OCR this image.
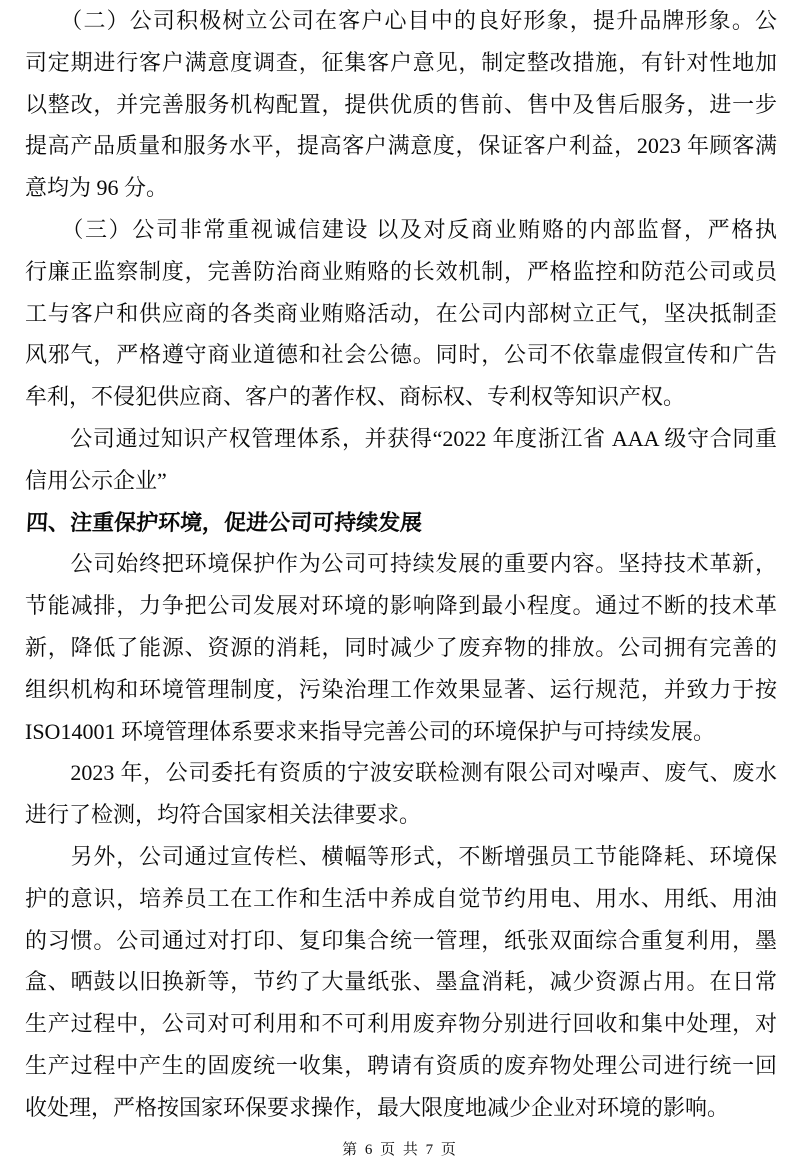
　　（二）公司积极树立公司在客户心目中的良好形象，提升品牌形象。公
司定期进行客户满意度调查，征集客户意见，制定整改措施，有针对性地加
以整改，并完善服务机构配置，提供优质的售前、售中及售后服务，进一步
提高产品质量和服务水平，提高客户满意度，保证客户利益，2023 年顾客满
意均为 96 分。
　　（三）公司非常重视诚信建设 以及对反商业贿赂的内部监督，严格执
行廉正监察制度，完善防治商业贿赂的长效机制，严格监控和防范公司或员
工与客户和供应商的各类商业贿赂活动，在公司内部树立正气，坚决抵制歪
风邪气，严格遵守商业道德和社会公德。同时，公司不依靠虚假宣传和广告
牟利，不侵犯供应商、客户的著作权、商标权、专利权等知识产权。
　　公司通过知识产权管理体系，并获得“2022 年度浙江省 AAA 级守合同重
信用公示企业”
四、注重保护环境，促进公司可持续发展
　　公司始终把环境保护作为公司可持续发展的重要内容。坚持技术革新，
节能减排，力争把公司发展对环境的影响降到最小程度。通过不断的技术革
新，降低了能源、资源的消耗，同时减少了废弃物的排放。公司拥有完善的
组织机构和环境管理制度，污染治理工作效果显著、运行规范，并致力于按
ISO14001 环境管理体系要求来指导完善公司的环境保护与可持续发展。
　　2023 年，公司委托有资质的宁波安联检测有限公司对噪声、废气、废水
进行了检测，均符合国家相关法律要求。
　　另外，公司通过宣传栏、横幅等形式，不断增强员工节能降耗、环境保
护的意识，培养员工在工作和生活中养成自觉节约用电、用水、用纸、用油
的习惯。公司通过对打印、复印集合统一管理，纸张双面综合重复利用，墨
盒、晒鼓以旧换新等，节约了大量纸张、墨盒消耗，减少资源占用。在日常
生产过程中，公司对可利用和不可利用废弃物分别进行回收和集中处理，对
生产过程中产生的固废统一收集，聘请有资质的废弃物处理公司进行统一回
收处理，严格按国家环保要求操作，最大限度地减少企业对环境的影响。
第 6 页 共 7 页
